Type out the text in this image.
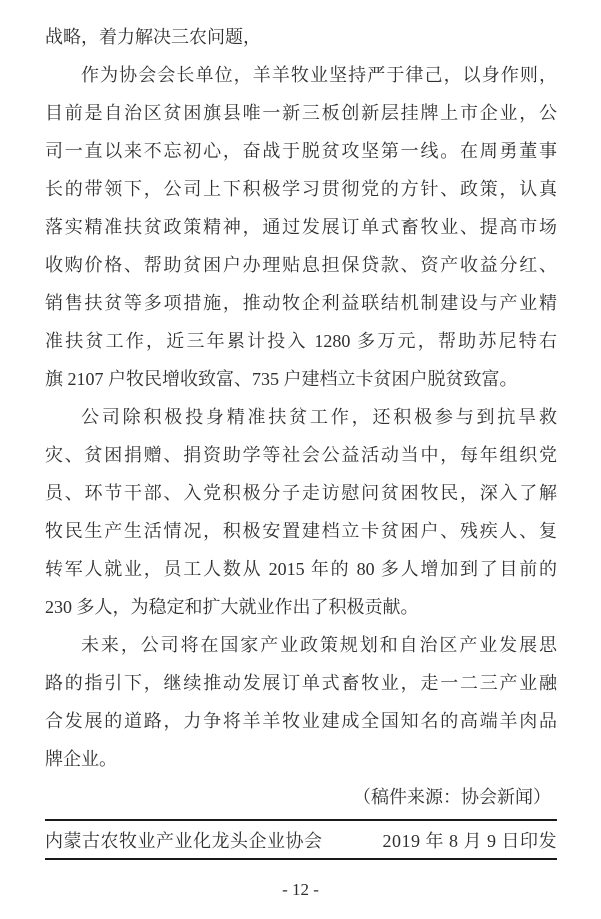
战略，着力解决三农问题，
作为协会会长单位，羊羊牧业坚持严于律己，以身作则，
目前是自治区贫困旗县唯一新三板创新层挂牌上市企业，公
司一直以来不忘初心，奋战于脱贫攻坚第一线。在周勇董事
长的带领下，公司上下积极学习贯彻党的方针、政策，认真
落实精准扶贫政策精神，通过发展订单式畜牧业、提高市场
收购价格、帮助贫困户办理贴息担保贷款、资产收益分红、
销售扶贫等多项措施，推动牧企利益联结机制建设与产业精
准扶贫工作，近三年累计投入 1280 多万元，帮助苏尼特右
旗 2107 户牧民增收致富、735 户建档立卡贫困户脱贫致富。
公司除积极投身精准扶贫工作，还积极参与到抗旱救
灾、贫困捐赠、捐资助学等社会公益活动当中，每年组织党
员、环节干部、入党积极分子走访慰问贫困牧民，深入了解
牧民生产生活情况，积极安置建档立卡贫困户、残疾人、复
转军人就业，员工人数从 2015 年的 80 多人增加到了目前的
230 多人，为稳定和扩大就业作出了积极贡献。
未来，公司将在国家产业政策规划和自治区产业发展思
路的指引下，继续推动发展订单式畜牧业，走一二三产业融
合发展的道路，力争将羊羊牧业建成全国知名的高端羊肉品
牌企业。
（稿件来源：协会新闻）
内蒙古农牧业产业化龙头企业协会	2019 年 8 月 9 日印发
- 12 -
